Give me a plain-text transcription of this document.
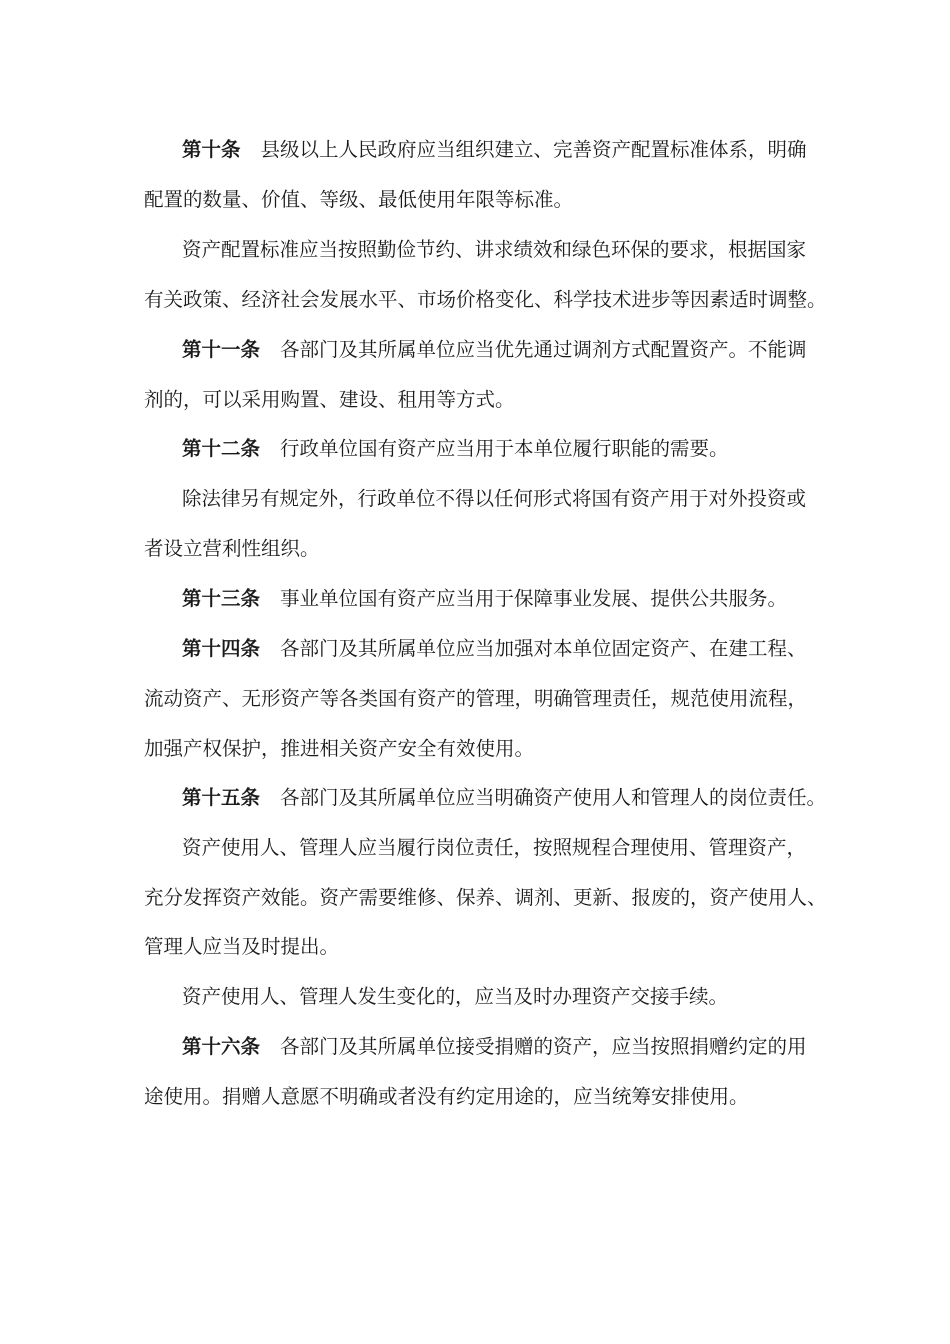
第十条 县级以上人民政府应当组织建立、完善资产配置标准体系，明确
配置的数量、价值、等级、最低使用年限等标准。
资产配置标准应当按照勤俭节约、讲求绩效和绿色环保的要求，根据国家
有关政策、经济社会发展水平、市场价格变化、科学技术进步等因素适时调整。
第十一条 各部门及其所属单位应当优先通过调剂方式配置资产。不能调
剂的，可以采用购置、建设、租用等方式。
第十二条 行政单位国有资产应当用于本单位履行职能的需要。
除法律另有规定外，行政单位不得以任何形式将国有资产用于对外投资或
者设立营利性组织。
第十三条 事业单位国有资产应当用于保障事业发展、提供公共服务。
第十四条 各部门及其所属单位应当加强对本单位固定资产、在建工程、
流动资产、无形资产等各类国有资产的管理，明确管理责任，规范使用流程，
加强产权保护，推进相关资产安全有效使用。
第十五条 各部门及其所属单位应当明确资产使用人和管理人的岗位责任。
资产使用人、管理人应当履行岗位责任，按照规程合理使用、管理资产，
充分发挥资产效能。资产需要维修、保养、调剂、更新、报废的，资产使用人、
管理人应当及时提出。
资产使用人、管理人发生变化的，应当及时办理资产交接手续。
第十六条 各部门及其所属单位接受捐赠的资产，应当按照捐赠约定的用
途使用。捐赠人意愿不明确或者没有约定用途的，应当统筹安排使用。
